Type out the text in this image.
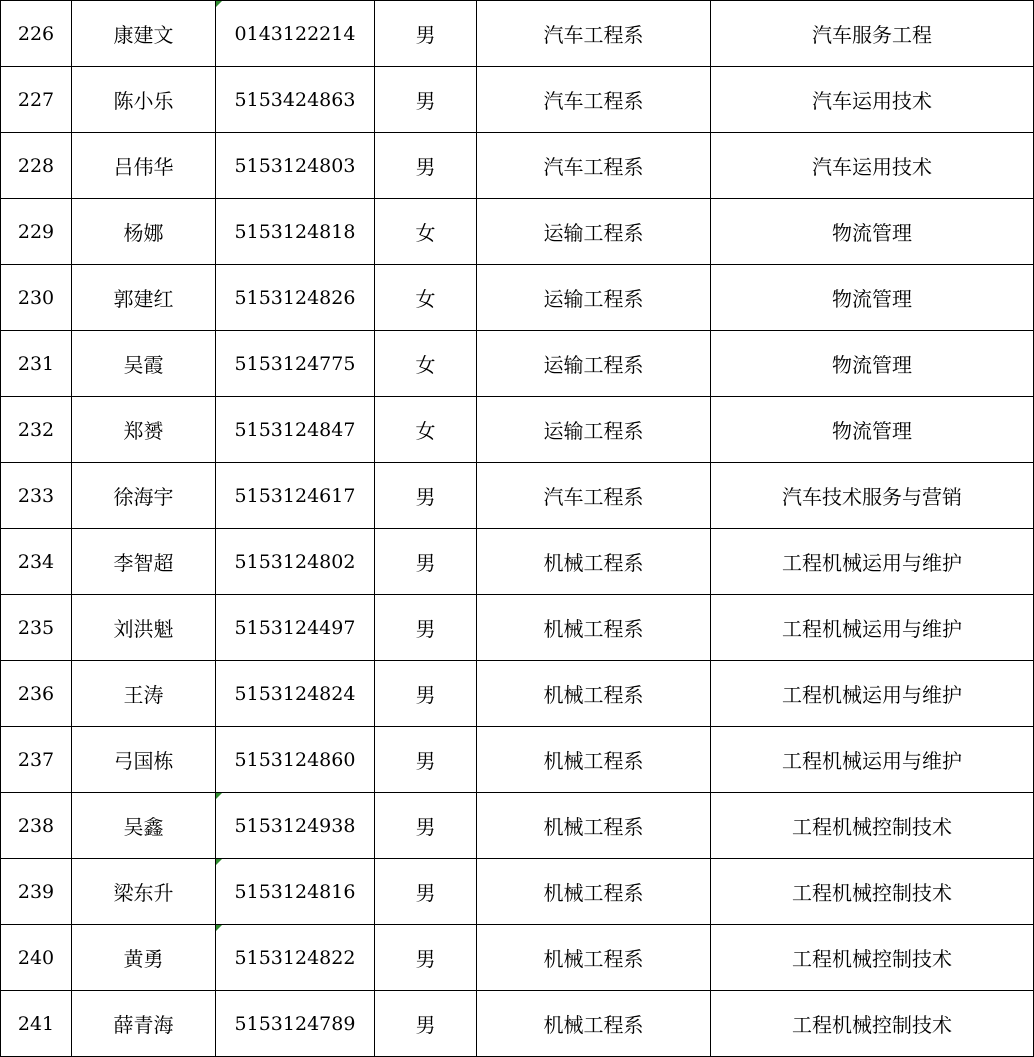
226	康建文	0143122214	男	汽车工程系	汽车服务工程
227	陈小乐	5153424863	男	汽车工程系	汽车运用技术
228	吕伟华	5153124803	男	汽车工程系	汽车运用技术
229	杨娜	5153124818	女	运输工程系	物流管理
230	郭建红	5153124826	女	运输工程系	物流管理
231	吴霞	5153124775	女	运输工程系	物流管理
232	郑赟	5153124847	女	运输工程系	物流管理
233	徐海宇	5153124617	男	汽车工程系	汽车技术服务与营销
234	李智超	5153124802	男	机械工程系	工程机械运用与维护
235	刘洪魁	5153124497	男	机械工程系	工程机械运用与维护
236	王涛	5153124824	男	机械工程系	工程机械运用与维护
237	弓国栋	5153124860	男	机械工程系	工程机械运用与维护
238	吴鑫	5153124938	男	机械工程系	工程机械控制技术
239	梁东升	5153124816	男	机械工程系	工程机械控制技术
240	黄勇	5153124822	男	机械工程系	工程机械控制技术
241	薛青海	5153124789	男	机械工程系	工程机械控制技术
